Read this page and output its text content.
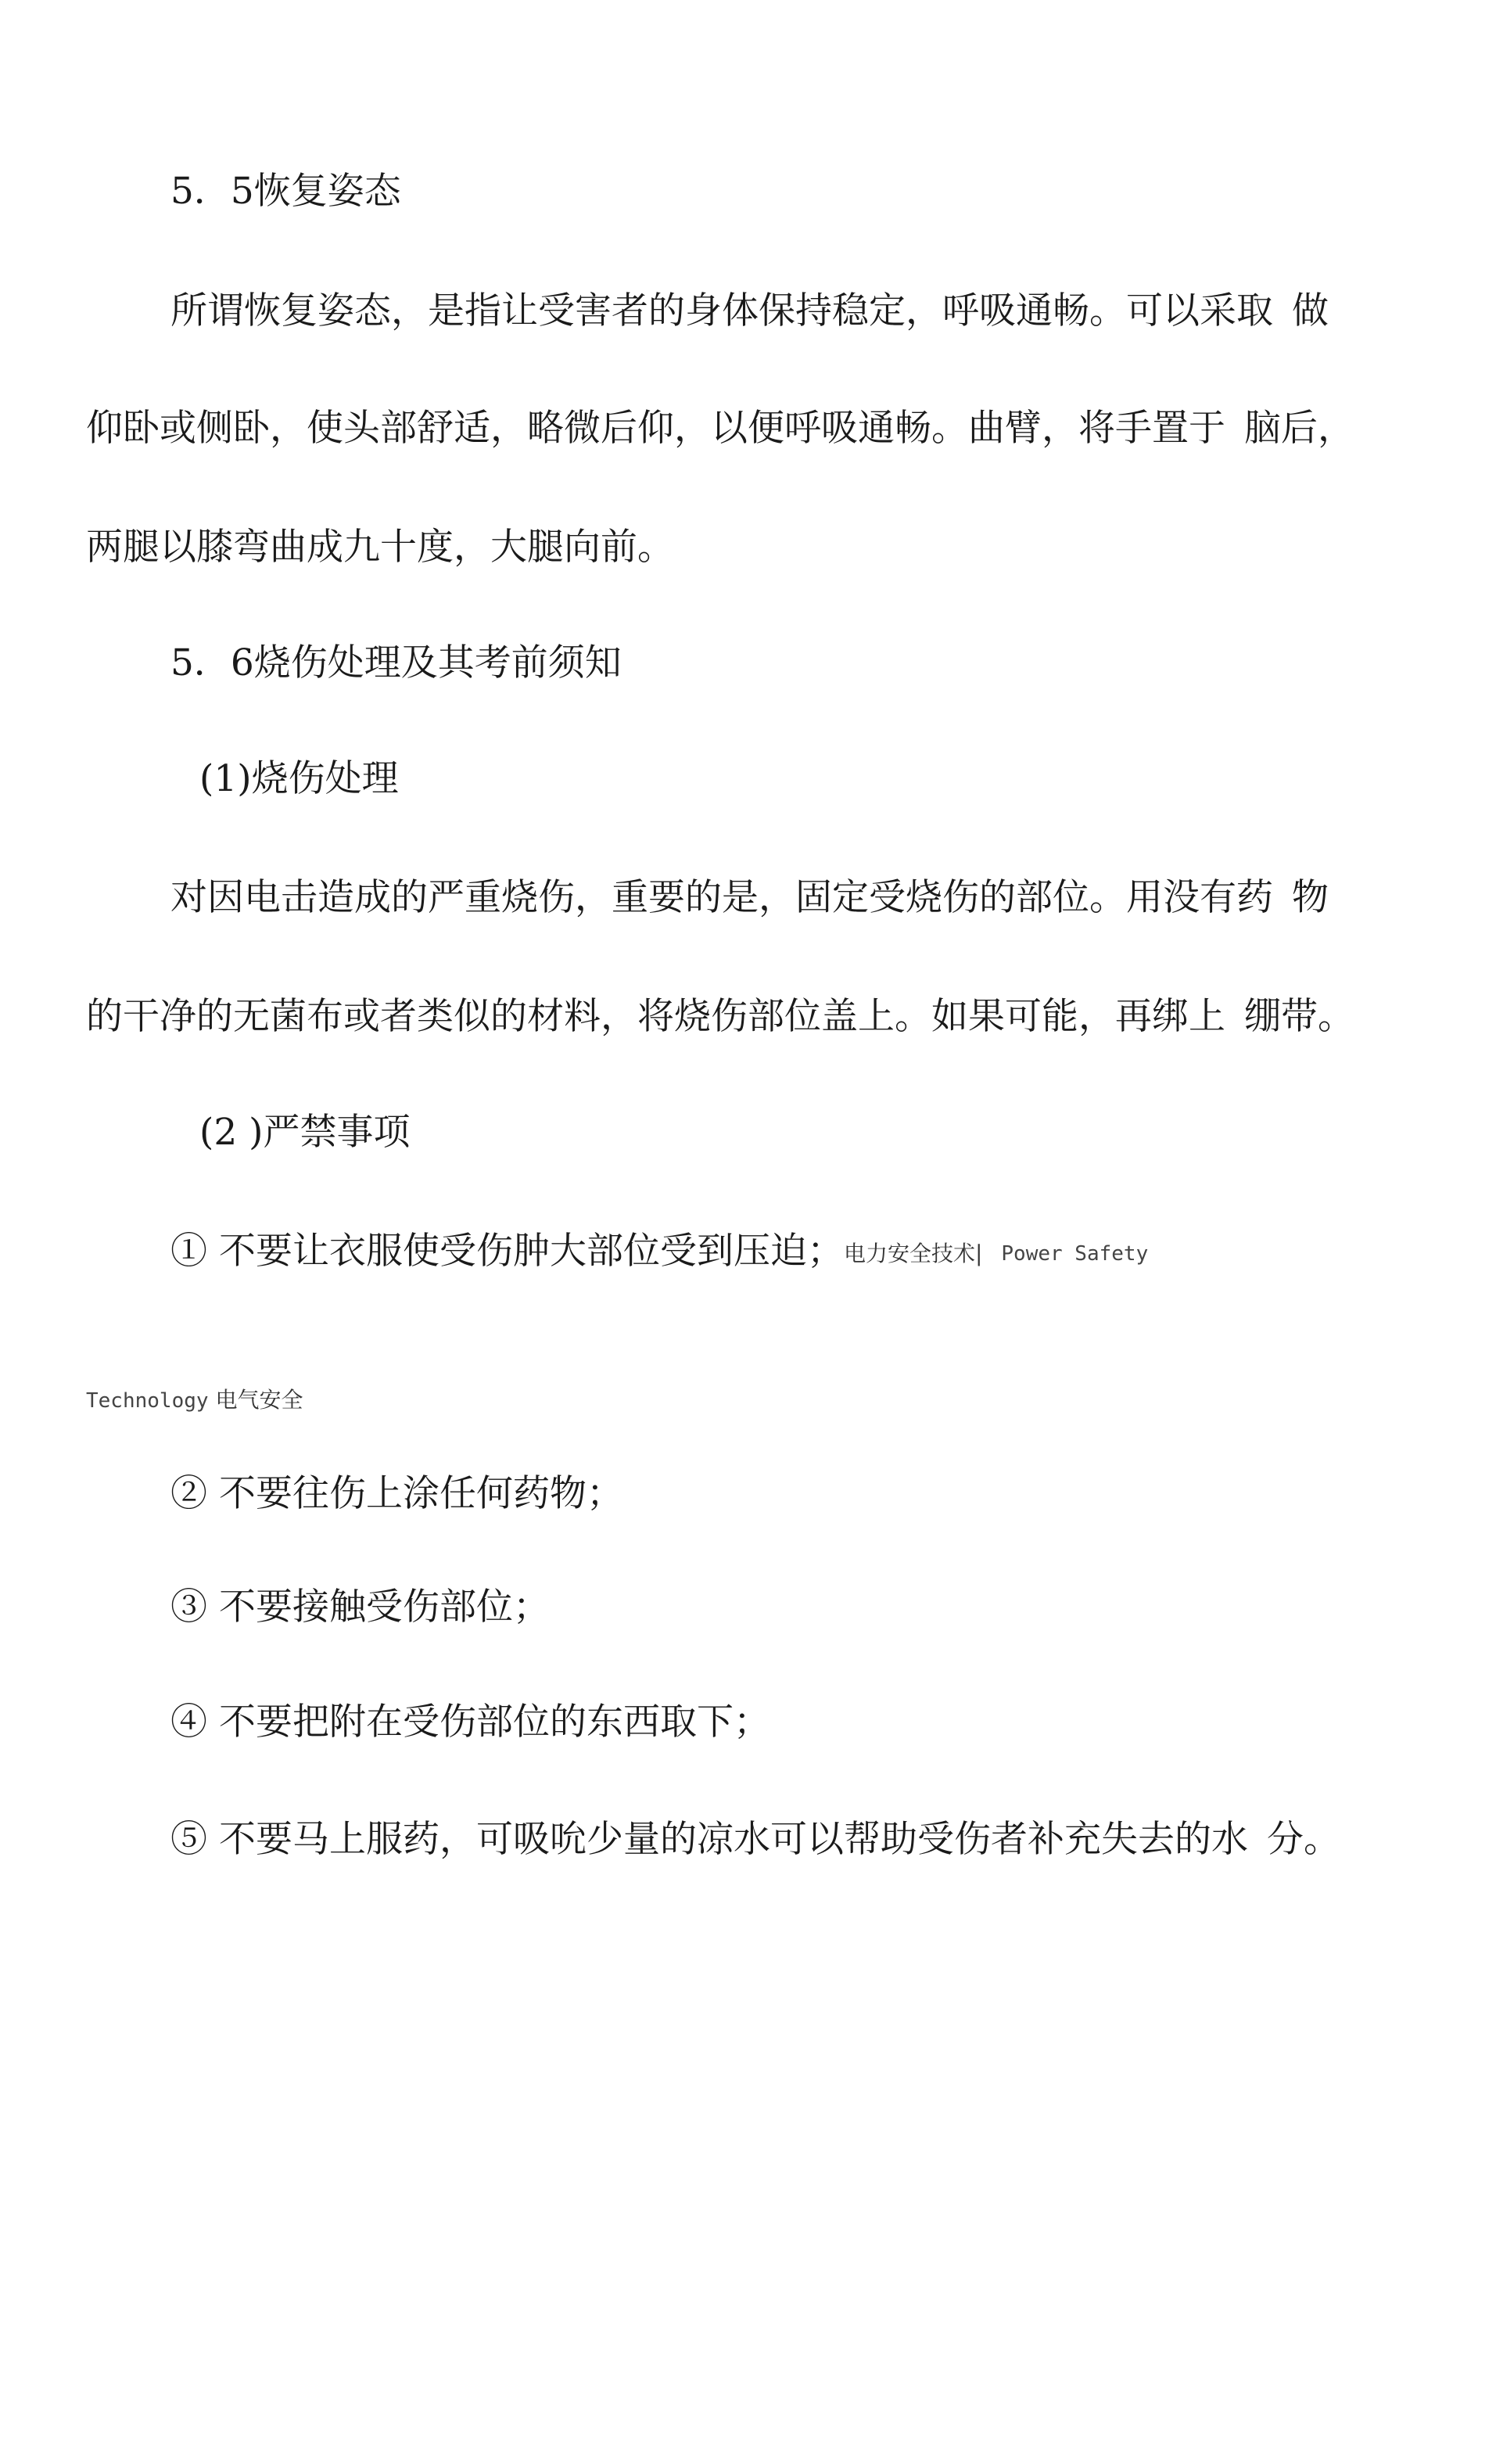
5．5恢复姿态

所谓恢复姿态，是指让受害者的身体保持稳定，呼吸通畅。可以采取 做

仰卧或侧卧，使头部舒适，略微后仰，以便呼吸通畅。曲臂，将手置于 脑后，

两腿以膝弯曲成九十度，大腿向前。

5．6烧伤处理及其考前须知

(1)烧伤处理

对因电击造成的严重烧伤，重要的是，固定受烧伤的部位。用没有药 物

的干净的无菌布或者类似的材料，将烧伤部位盖上。如果可能，再绑上 绷带。

(2 )严禁事项

① 不要让衣服使受伤肿大部位受到压迫；电力安全技术| Power Safety

Technology 电气安全

② 不要往伤上涂任何药物；

③ 不要接触受伤部位；

④ 不要把附在受伤部位的东西取下；

⑤ 不要马上服药，可吸吮少量的凉水可以帮助受伤者补充失去的水 分。
